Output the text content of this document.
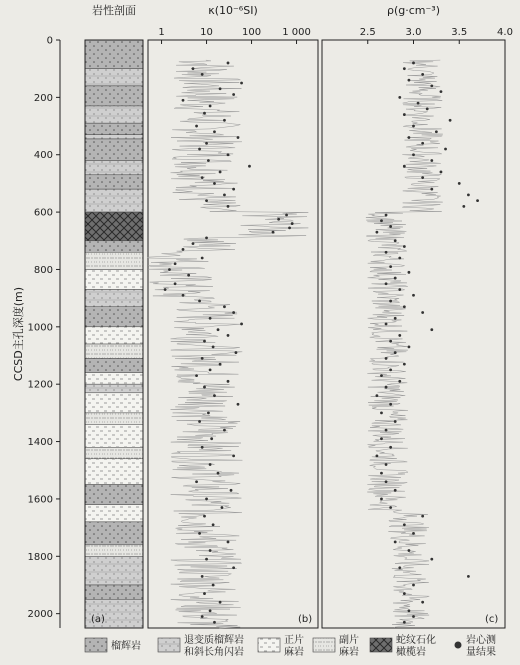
岩性剖面
(a)
1	10	100 1 000
κ(10⁻⁶SI)
(b)
2.5	3.0	3.5	4.0
ρ(g·cm⁻³)
(c)
0
200
400
600
800
1000
1200
1400
1600
1800
2000
CCSD主孔深度(m)
榴辉岩
退变质榴辉岩
和斜长角闪岩
正片
麻岩
副片
麻岩
蛇纹石化
橄榄岩
岩心测
量结果
